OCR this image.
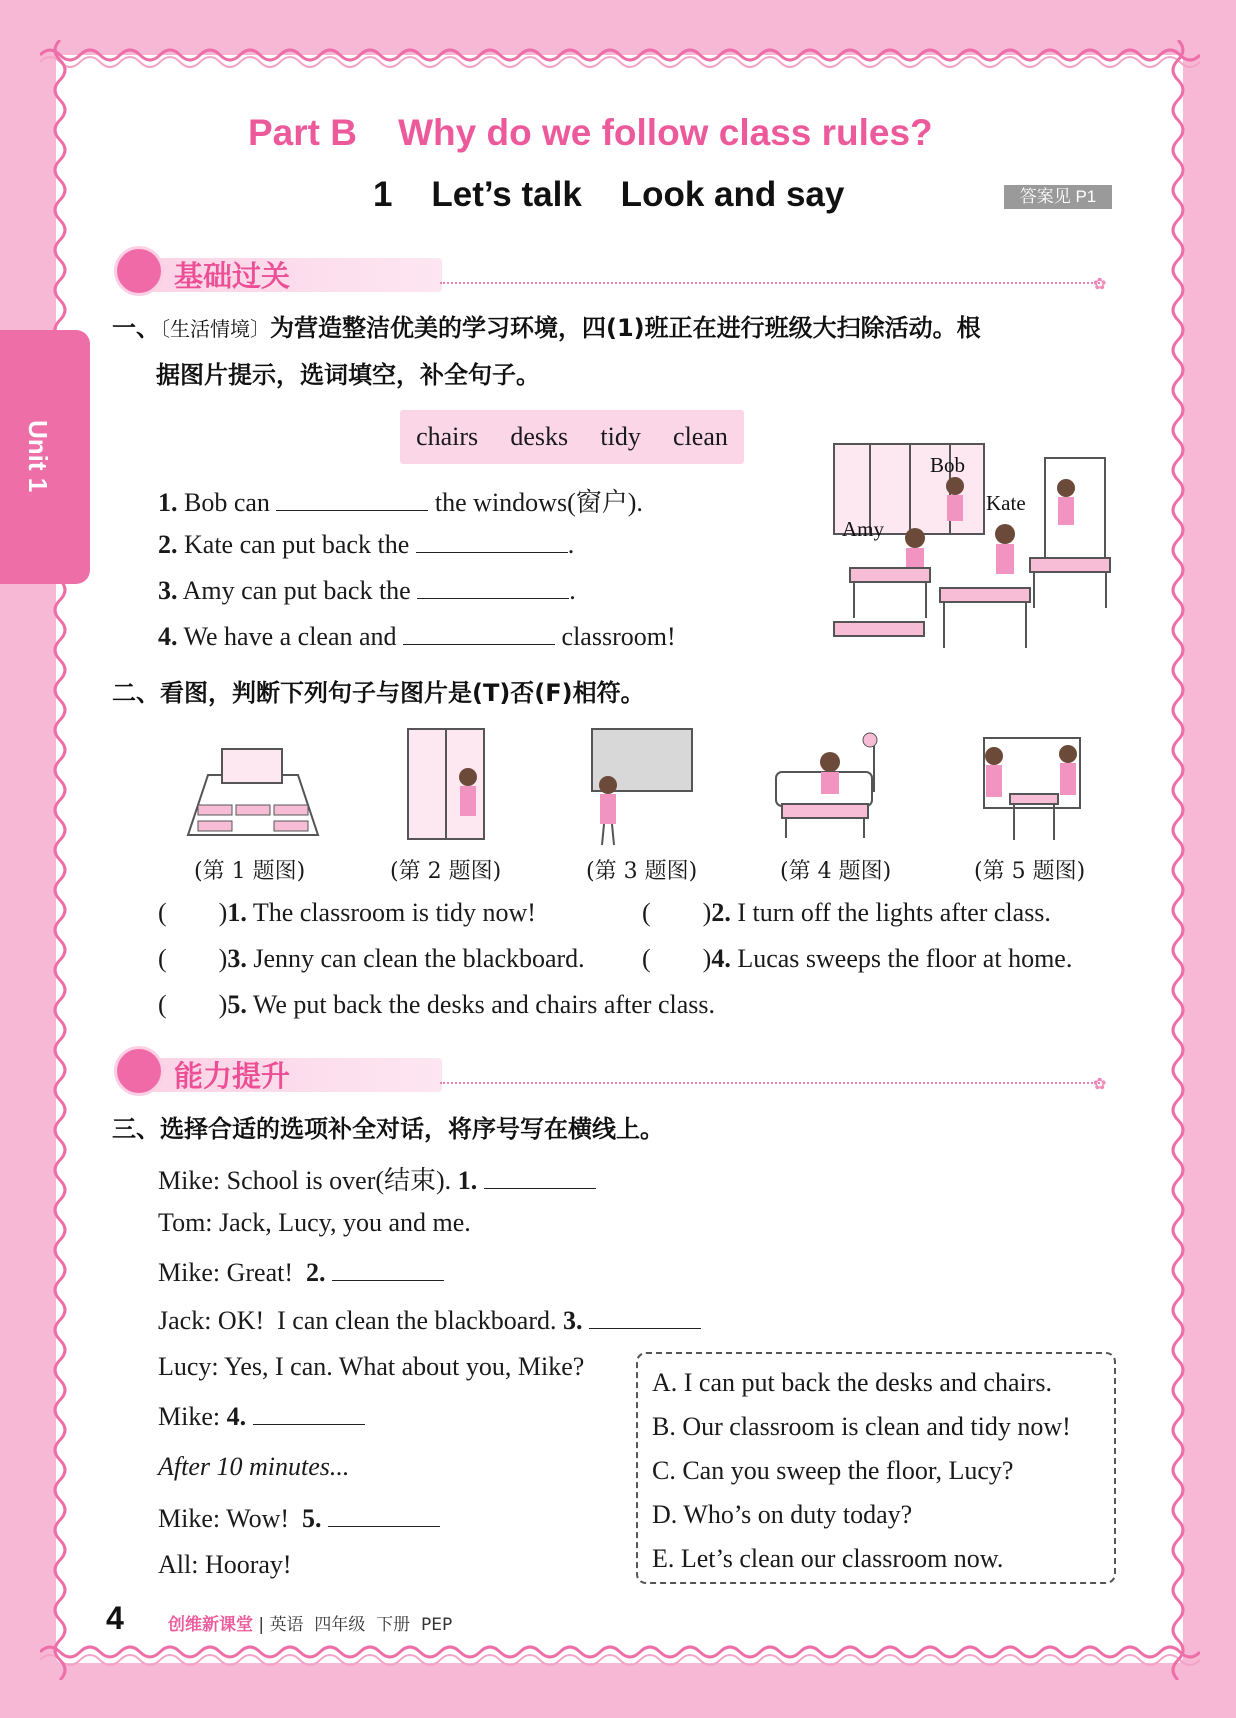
Unit 1
Part B    Why do we follow class rules?
1    Let’s talk    Look and say	答案见 P1
基础过关	✿

一、〔生活情境〕为营造整洁优美的学习环境，四(1)班正在进行班级大扫除活动。根
据图片提示，选词填空，补全句子。

chairs desks tidy clean

1. Bob can	the windows(窗户).

2. Kate can put back the	.

3. Amy can put back the	.

4. We have a clean and	classroom!

Bob
Kate
Amy

二、看图，判断下列句子与图片是(T)否(F)相符。

(第 1 题图)	(第 2 题图)	(第 3 题图)	(第 4 题图)	(第 5 题图)

(        )1. The classroom is tidy now!	(        )2. I turn off the lights after class.

(        )3. Jenny can clean the blackboard. (        )4. Lucas sweeps the floor at home.

(        )5. We put back the desks and chairs after class.

能力提升	✿

三、选择合适的选项补全对话，将序号写在横线上。

Mike: School is over(结束). 1.

Tom: Jack, Lucy, you and me.

Mike: Great!  2.

Jack: OK!  I can clean the blackboard. 3.

Lucy: Yes, I can. What about you, Mike?

Mike: 4.

After 10 minutes...

Mike: Wow!  5.

All: Hooray!

A. I can put back the desks and chairs.

B. Our classroom is clean and tidy now!

C. Can you sweep the floor, Lucy?

D. Who’s on duty today?

E. Let’s clean our classroom now.

4	创维新课堂 | 英语  四年级  下册  PEP
